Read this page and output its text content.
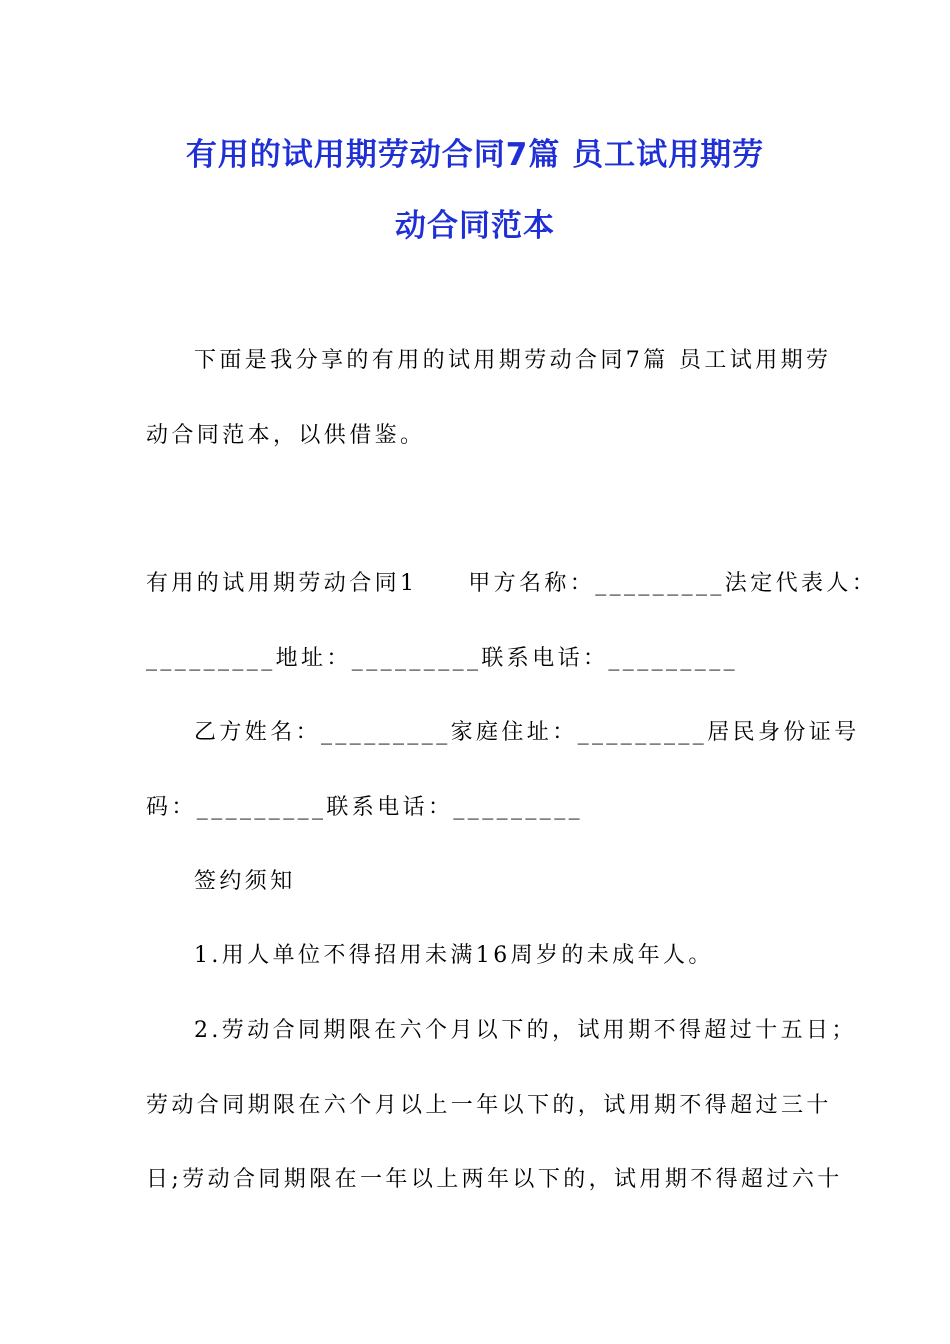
有用的试用期劳动合同7篇 员工试用期劳
动合同范本
下面是我分享的有用的试用期劳动合同7篇 员工试用期劳
动合同范本，以供借鉴。
有用的试用期劳动合同1　　甲方名称：_________法定代表人：
_________地址：_________联系电话：_________
乙方姓名：_________家庭住址：_________居民身份证号
码：_________联系电话：_________
签约须知
1.用人单位不得招用未满16周岁的未成年人。
2.劳动合同期限在六个月以下的，试用期不得超过十五日；
劳动合同期限在六个月以上一年以下的，试用期不得超过三十
日;劳动合同期限在一年以上两年以下的，试用期不得超过六十
